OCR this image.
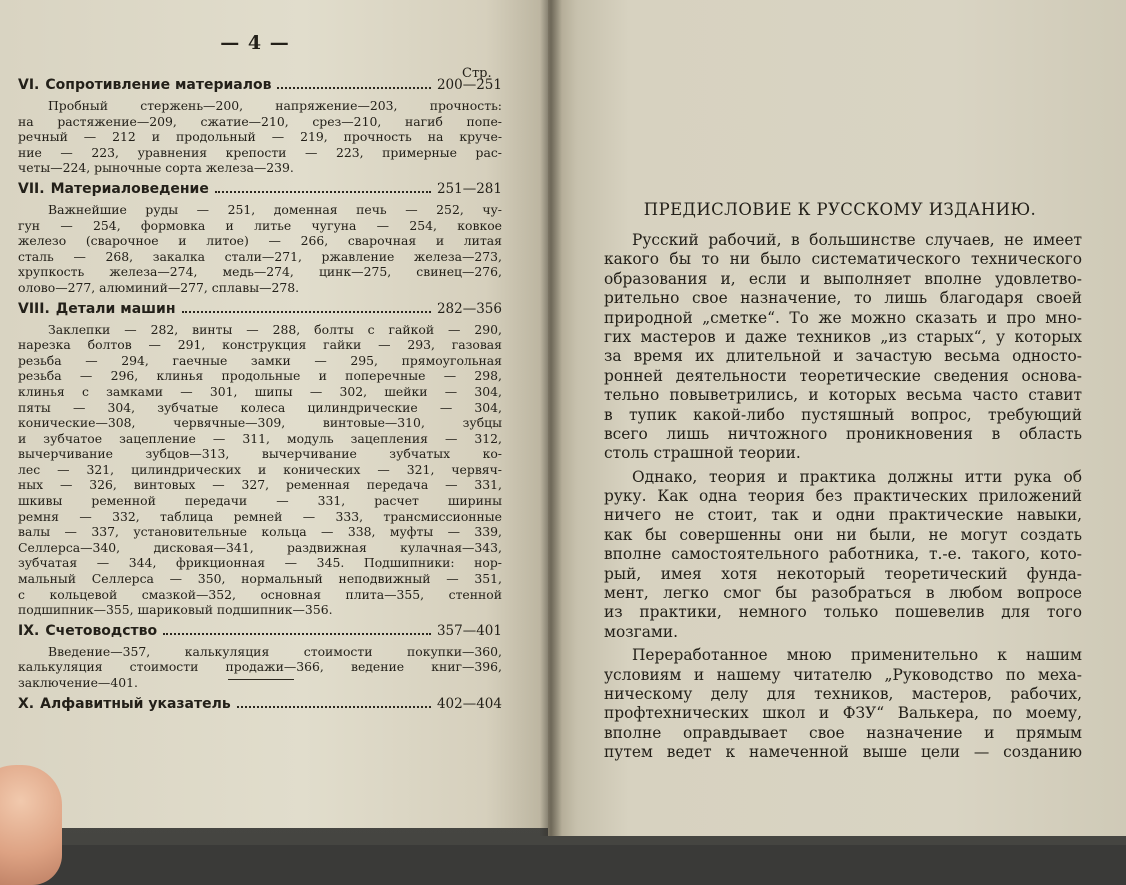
— 4 —
Стр.
VI. Сопротивление материалов	200—251
Пробный стержень—200, напряжение—203, прочность:
на растяжение—209, сжатие—210, срез—210, нагиб попе-
речный — 212 и продольный — 219, прочность на круче-
ние — 223, уравнения крепости — 223, примерные рас-
четы—224, рыночные сорта железа—239.
VII. Материаловедение	251—281
Важнейшие руды — 251, доменная печь — 252, чу-
гун — 254, формовка и литье чугуна — 254, ковкое
железо (сварочное и литое) — 266, сварочная и литая
сталь — 268, закалка стали—271, ржавление железа—273,
хрупкость железа—274, медь—274, цинк—275, свинец—276,
олово—277, алюминий—277, сплавы—278.
VIII. Детали машин	282—356
Заклепки — 282, винты — 288, болты с гайкой — 290,
нарезка болтов — 291, конструкция гайки — 293, газовая
резьба — 294, гаечные замки — 295, прямоугольная
резьба — 296, клинья продольные и поперечные — 298,
клинья с замками — 301, шипы — 302, шейки — 304,
пяты — 304, зубчатые колеса цилиндрические — 304,
конические—308, червячные—309, винтовые—310, зубцы
и зубчатое зацепление — 311, модуль зацепления — 312,
вычерчивание зубцов—313, вычерчивание зубчатых ко-
лес — 321, цилиндрических и конических — 321, червяч-
ных — 326, винтовых — 327, ременная передача — 331,
шкивы ременной передачи — 331, расчет ширины
ремня — 332, таблица ремней — 333, трансмиссионные
валы — 337, установительные кольца — 338, муфты — 339,
Селлерса—340, дисковая—341, раздвижная кулачная—343,
зубчатая — 344, фрикционная — 345. Подшипники: нор-
мальный Селлерса — 350, нормальный неподвижный — 351,
с кольцевой смазкой—352, основная плита—355, стенной
подшипник—355, шариковый подшипник—356.
IX. Счетоводство	357—401
Введение—357, калькуляция стоимости покупки—360,
калькуляция стоимости продажи—366, ведение книг—396,
заключение—401.
X. Алфавитный указатель	402—404
ПРЕДИСЛОВИЕ К РУССКОМУ ИЗДАНИЮ.

Русский рабочий, в большинстве случаев, не имеет
какого бы то ни было систематического технического
образования и, если и выполняет вполне удовлетво-
рительно свое назначение, то лишь благодаря своей
природной „сметке“. То же можно сказать и про мно-
гих мастеров и даже техников „из старых“, у которых
за время их длительной и зачастую весьма односто-
ронней деятельности теоретические сведения основа-
тельно повыветрились, и которых весьма часто ставит
в тупик какой-либо пустяшный вопрос, требующий
всего лишь ничтожного проникновения в область
столь страшной теории.

Однако, теория и практика должны итти рука об
руку. Как одна теория без практических приложений
ничего не стоит, так и одни практические навыки,
как бы совершенны они ни были, не могут создать
вполне самостоятельного работника, т.-е. такого, кото-
рый, имея хотя некоторый теоретический фунда-
мент, легко смог бы разобраться в любом вопросе
из практики, немного только пошевелив для того
мозгами.

Переработанное мною применительно к нашим
условиям и нашему читателю „Руководство по меха-
ническому делу для техников, мастеров, рабочих,
профтехнических школ и ФЗУ“ Валькера, по моему,
вполне оправдывает свое назначение и прямым
путем ведет к намеченной выше цели — созданию
